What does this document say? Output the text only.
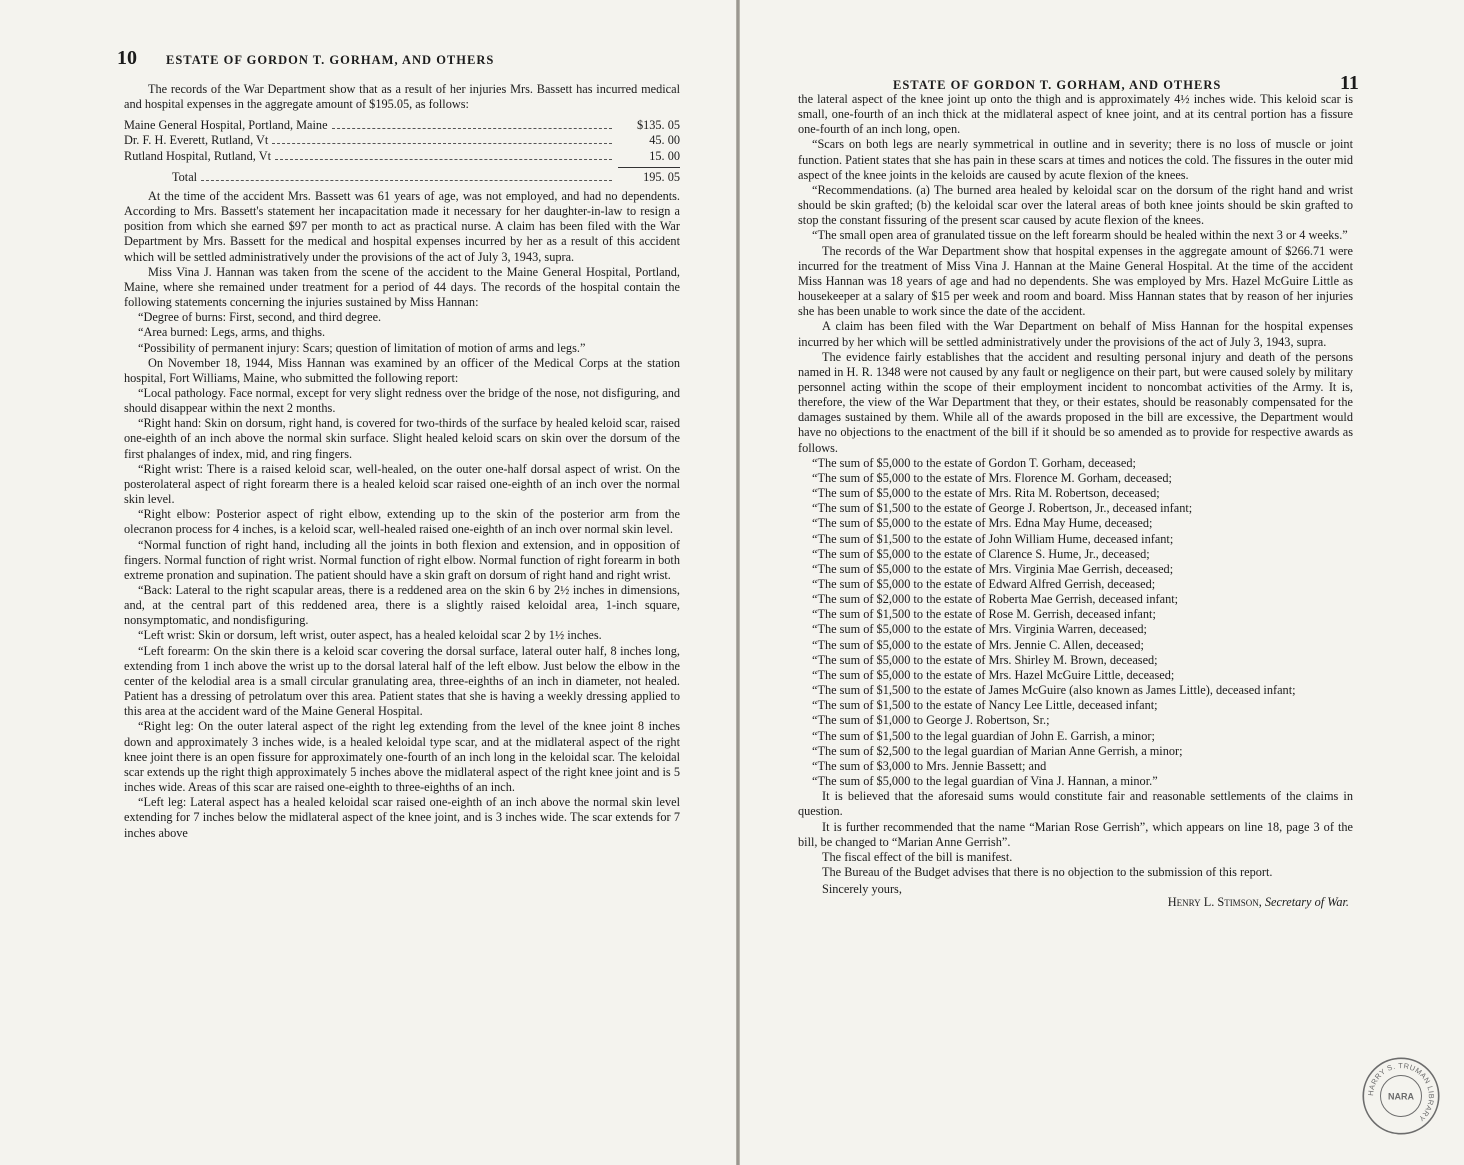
10 ESTATE OF GORDON T. GORHAM, AND OTHERS

The records of the War Department show that as a result of her injuries Mrs. Bassett has incurred medical and hospital expenses in the aggregate amount of $195.05, as follows:

Maine General Hospital, Portland, Maine	$135. 05
Dr. F. H. Everett, Rutland, Vt	45. 00
Rutland Hospital, Rutland, Vt	15. 00
Total	195. 05

At the time of the accident Mrs. Bassett was 61 years of age, was not employed, and had no dependents. According to Mrs. Bassett's statement her incapacitation made it necessary for her daughter-in-law to resign a position from which she earned $97 per month to act as practical nurse. A claim has been filed with the War Department by Mrs. Bassett for the medical and hospital expenses incurred by her as a result of this accident which will be settled administratively under the provisions of the act of July 3, 1943, supra.

Miss Vina J. Hannan was taken from the scene of the accident to the Maine General Hospital, Portland, Maine, where she remained under treatment for a period of 44 days. The records of the hospital contain the following statements concerning the injuries sustained by Miss Hannan:

“Degree of burns: First, second, and third degree.

“Area burned: Legs, arms, and thighs.

“Possibility of permanent injury: Scars; question of limitation of motion of arms and legs.”

On November 18, 1944, Miss Hannan was examined by an officer of the Medical Corps at the station hospital, Fort Williams, Maine, who submitted the following report:

“Local pathology. Face normal, except for very slight redness over the bridge of the nose, not disfiguring, and should disappear within the next 2 months.

“Right hand: Skin on dorsum, right hand, is covered for two-thirds of the surface by healed keloid scar, raised one-eighth of an inch above the normal skin surface. Slight healed keloid scars on skin over the dorsum of the first phalanges of index, mid, and ring fingers.

“Right wrist: There is a raised keloid scar, well-healed, on the outer one-half dorsal aspect of wrist. On the posterolateral aspect of right forearm there is a healed keloid scar raised one-eighth of an inch over the normal skin level.

“Right elbow: Posterior aspect of right elbow, extending up to the skin of the posterior arm from the olecranon process for 4 inches, is a keloid scar, well-healed raised one-eighth of an inch over normal skin level.

“Normal function of right hand, including all the joints in both flexion and extension, and in opposition of fingers. Normal function of right wrist. Normal function of right elbow. Normal function of right forearm in both extreme pronation and supination. The patient should have a skin graft on dorsum of right hand and right wrist.

“Back: Lateral to the right scapular areas, there is a reddened area on the skin 6 by 2½ inches in dimensions, and, at the central part of this reddened area, there is a slightly raised keloidal area, 1-inch square, nonsymptomatic, and nondisfiguring.

“Left wrist: Skin or dorsum, left wrist, outer aspect, has a healed keloidal scar 2 by 1½ inches.

“Left forearm: On the skin there is a keloid scar covering the dorsal surface, lateral outer half, 8 inches long, extending from 1 inch above the wrist up to the dorsal lateral half of the left elbow. Just below the elbow in the center of the kelodial area is a small circular granulating area, three-eighths of an inch in diameter, not healed. Patient has a dressing of petrolatum over this area. Patient states that she is having a weekly dressing applied to this area at the accident ward of the Maine General Hospital.

“Right leg: On the outer lateral aspect of the right leg extending from the level of the knee joint 8 inches down and approximately 3 inches wide, is a healed keloidal type scar, and at the midlateral aspect of the right knee joint there is an open fissure for approximately one-fourth of an inch long in the keloidal scar. The keloidal scar extends up the right thigh approximately 5 inches above the midlateral aspect of the right knee joint and is 5 inches wide. Areas of this scar are raised one-eighth to three-eighths of an inch.

“Left leg: Lateral aspect has a healed keloidal scar raised one-eighth of an inch above the normal skin level extending for 7 inches below the midlateral aspect of the knee joint, and is 3 inches wide. The scar extends for 7 inches above

ESTATE OF GORDON T. GORHAM, AND OTHERS	11

the lateral aspect of the knee joint up onto the thigh and is approximately 4½ inches wide. This keloid scar is small, one-fourth of an inch thick at the midlateral aspect of knee joint, and at its central portion has a fissure one-fourth of an inch long, open.

“Scars on both legs are nearly symmetrical in outline and in severity; there is no loss of muscle or joint function. Patient states that she has pain in these scars at times and notices the cold. The fissures in the outer mid aspect of the knee joints in the keloids are caused by acute flexion of the knees.

“Recommendations. (a) The burned area healed by keloidal scar on the dorsum of the right hand and wrist should be skin grafted; (b) the keloidal scar over the lateral areas of both knee joints should be skin grafted to stop the constant fissuring of the present scar caused by acute flexion of the knees.

“The small open area of granulated tissue on the left forearm should be healed within the next 3 or 4 weeks.”

The records of the War Department show that hospital expenses in the aggregate amount of $266.71 were incurred for the treatment of Miss Vina J. Hannan at the Maine General Hospital. At the time of the accident Miss Hannan was 18 years of age and had no dependents. She was employed by Mrs. Hazel McGuire Little as housekeeper at a salary of $15 per week and room and board. Miss Hannan states that by reason of her injuries she has been unable to work since the date of the accident.

A claim has been filed with the War Department on behalf of Miss Hannan for the hospital expenses incurred by her which will be settled administratively under the provisions of the act of July 3, 1943, supra.

The evidence fairly establishes that the accident and resulting personal injury and death of the persons named in H. R. 1348 were not caused by any fault or negligence on their part, but were caused solely by military personnel acting within the scope of their employment incident to noncombat activities of the Army. It is, therefore, the view of the War Department that they, or their estates, should be reasonably compensated for the damages sustained by them. While all of the awards proposed in the bill are excessive, the Department would have no objections to the enactment of the bill if it should be so amended as to provide for respective awards as follows.

“The sum of $5,000 to the estate of Gordon T. Gorham, deceased;

“The sum of $5,000 to the estate of Mrs. Florence M. Gorham, deceased;

“The sum of $5,000 to the estate of Mrs. Rita M. Robertson, deceased;

“The sum of $1,500 to the estate of George J. Robertson, Jr., deceased infant;

“The sum of $5,000 to the estate of Mrs. Edna May Hume, deceased;

“The sum of $1,500 to the estate of John William Hume, deceased infant;

“The sum of $5,000 to the estate of Clarence S. Hume, Jr., deceased;

“The sum of $5,000 to the estate of Mrs. Virginia Mae Gerrish, deceased;

“The sum of $5,000 to the estate of Edward Alfred Gerrish, deceased;

“The sum of $2,000 to the estate of Roberta Mae Gerrish, deceased infant;

“The sum of $1,500 to the estate of Rose M. Gerrish, deceased infant;

“The sum of $5,000 to the estate of Mrs. Virginia Warren, deceased;

“The sum of $5,000 to the estate of Mrs. Jennie C. Allen, deceased;

“The sum of $5,000 to the estate of Mrs. Shirley M. Brown, deceased;

“The sum of $5,000 to the estate of Mrs. Hazel McGuire Little, deceased;

“The sum of $1,500 to the estate of James McGuire (also known as James Little), deceased infant;

“The sum of $1,500 to the estate of Nancy Lee Little, deceased infant;

“The sum of $1,000 to George J. Robertson, Sr.;

“The sum of $1,500 to the legal guardian of John E. Garrish, a minor;

“The sum of $2,500 to the legal guardian of Marian Anne Gerrish, a minor;

“The sum of $3,000 to Mrs. Jennie Bassett; and

“The sum of $5,000 to the legal guardian of Vina J. Hannan, a minor.”

It is believed that the aforesaid sums would constitute fair and reasonable settlements of the claims in question.

It is further recommended that the name “Marian Rose Gerrish”, which appears on line 18, page 3 of the bill, be changed to “Marian Anne Gerrish”.

The fiscal effect of the bill is manifest.

The Bureau of the Budget advises that there is no objection to the submission of this report.

Sincerely yours,

Henry L. Stimson, Secretary of War.

HARRY S. TRUMAN LIBRARY
NARA
